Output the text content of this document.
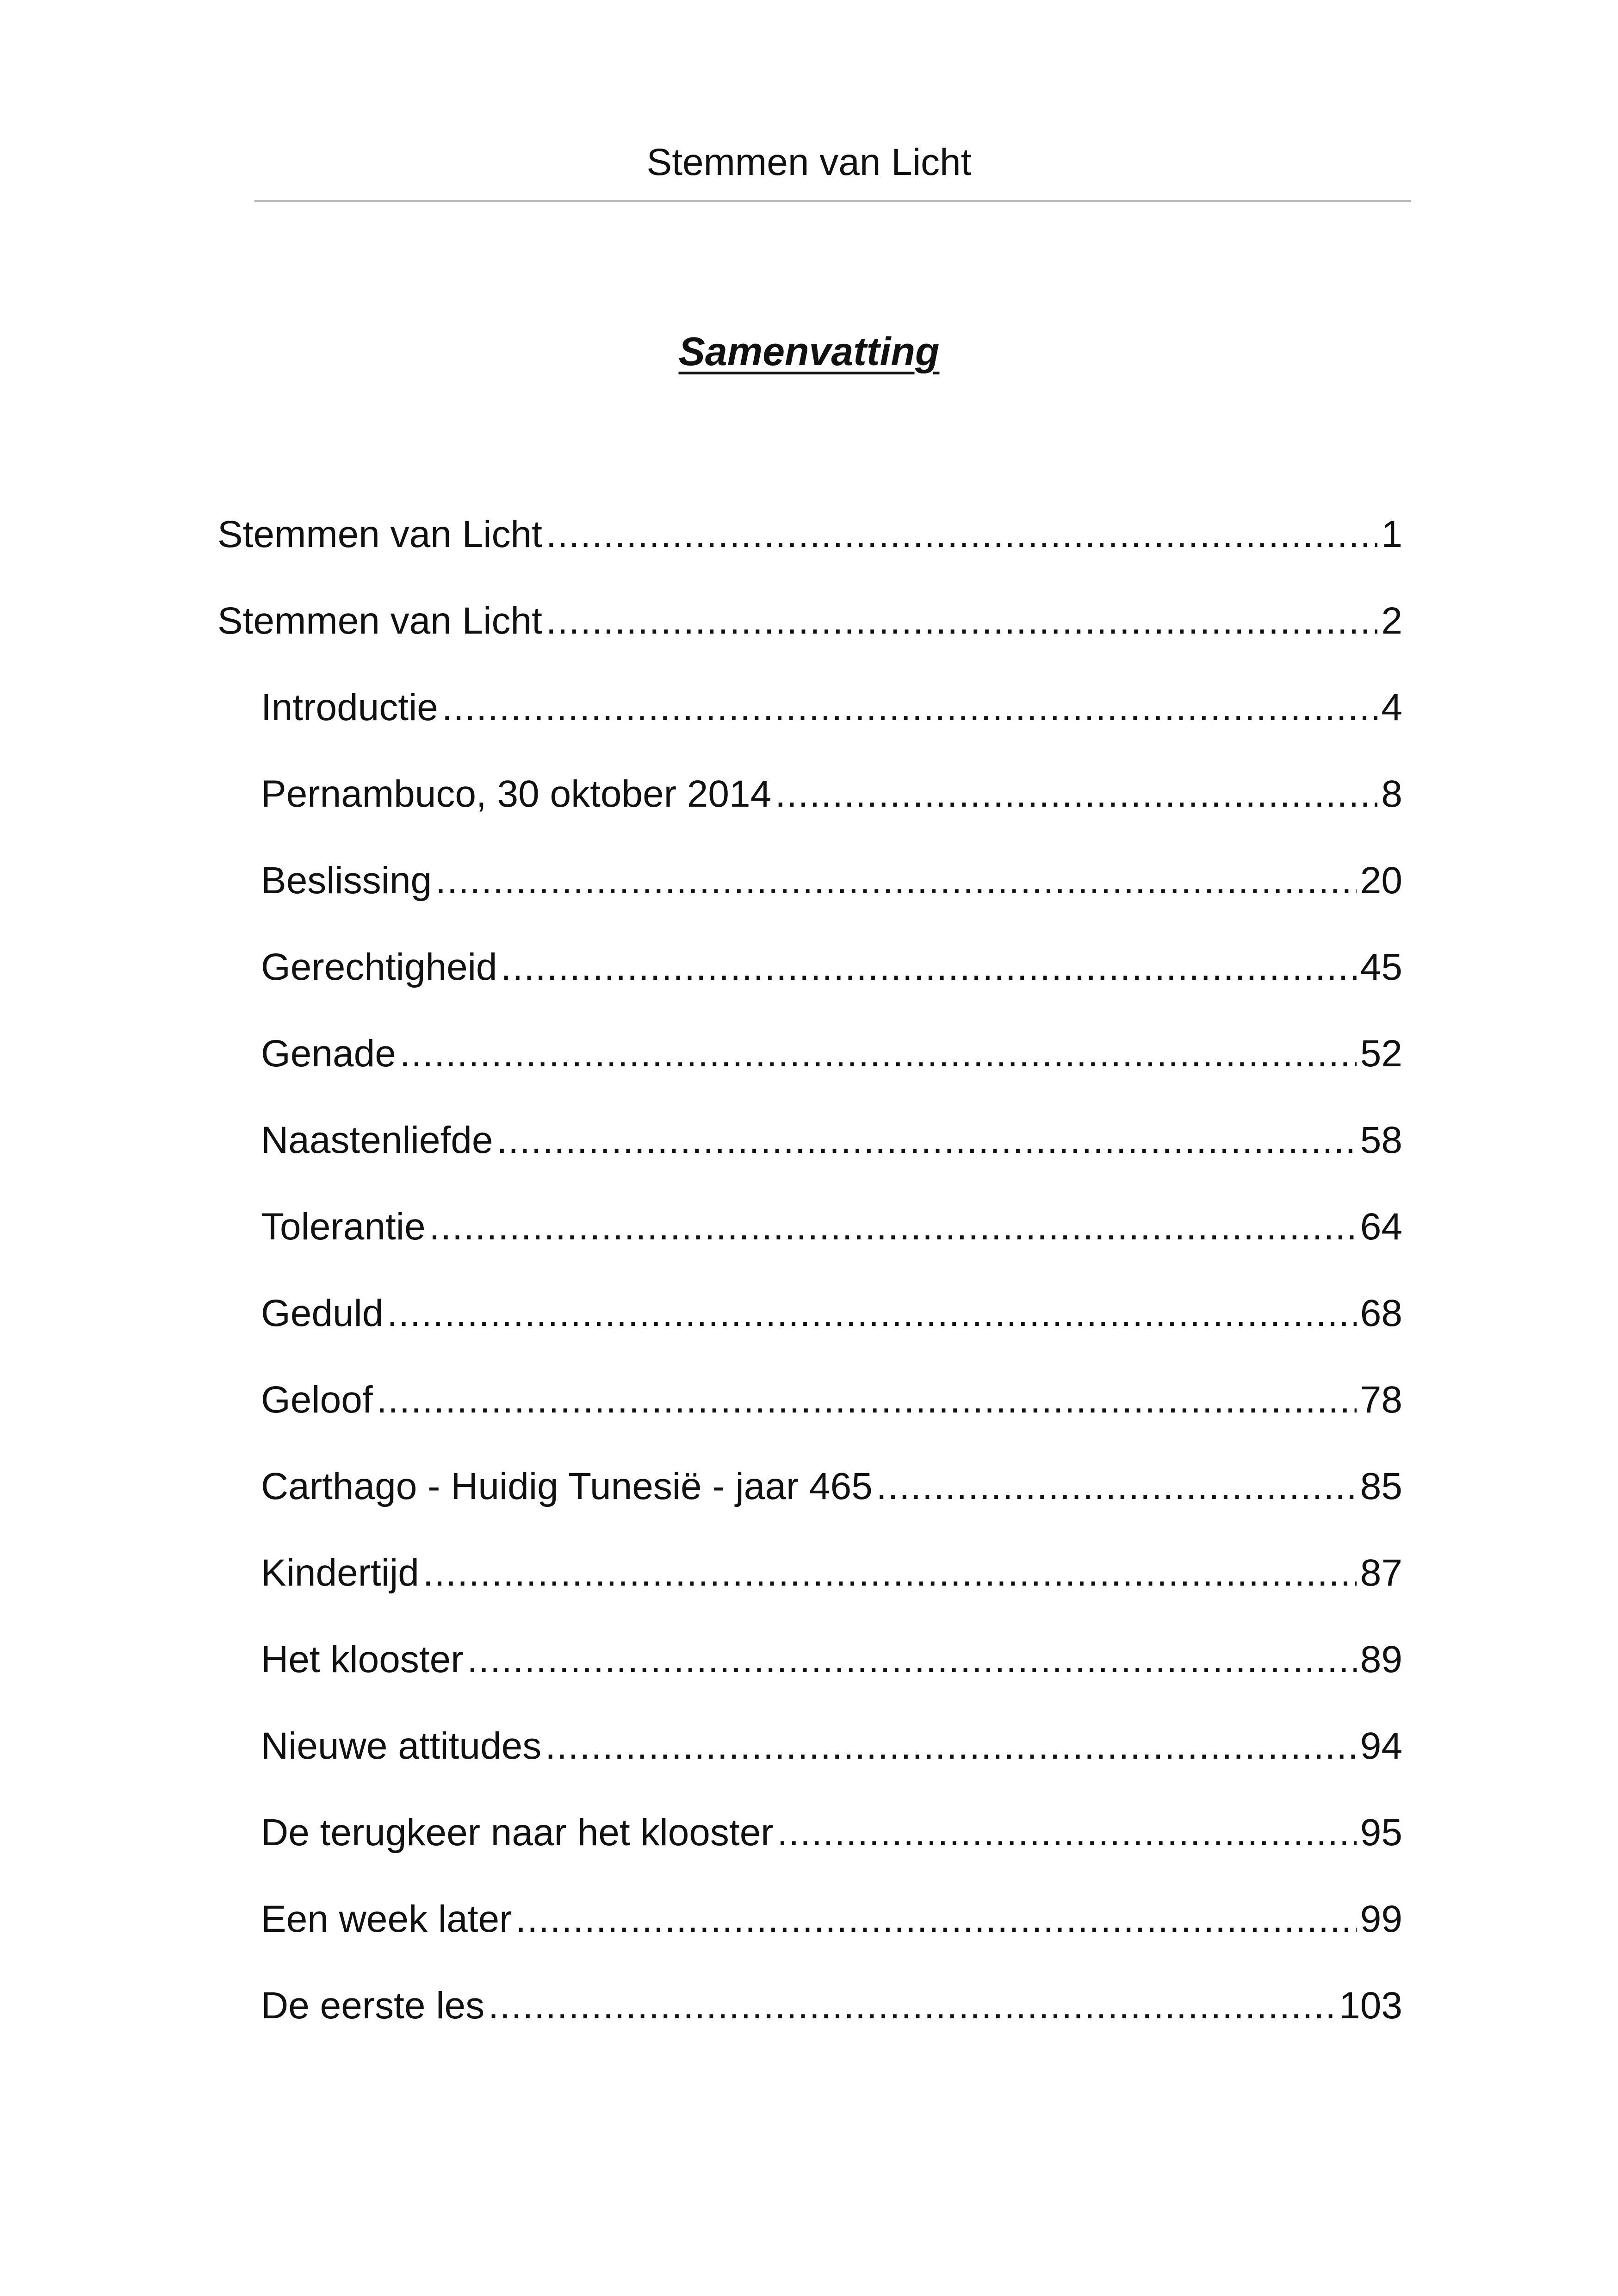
Stemmen van Licht
Samenvatting
Stemmen van Licht .....	1
Stemmen van Licht .....	2
Introductie .....	4
Pernambuco, 30 oktober 2014 .....	8
Beslissing .....	20
Gerechtigheid .....	45
Genade .....	52
Naastenliefde .....	58
Tolerantie .....	64
Geduld .....	68
Geloof .....	78
Carthago - Huidig Tunesië - jaar 465 .....	85
Kindertijd .....	87
Het klooster .....	89
Nieuwe attitudes .....	94
De terugkeer naar het klooster .....	95
Een week later .....	99
De eerste les .....	103
